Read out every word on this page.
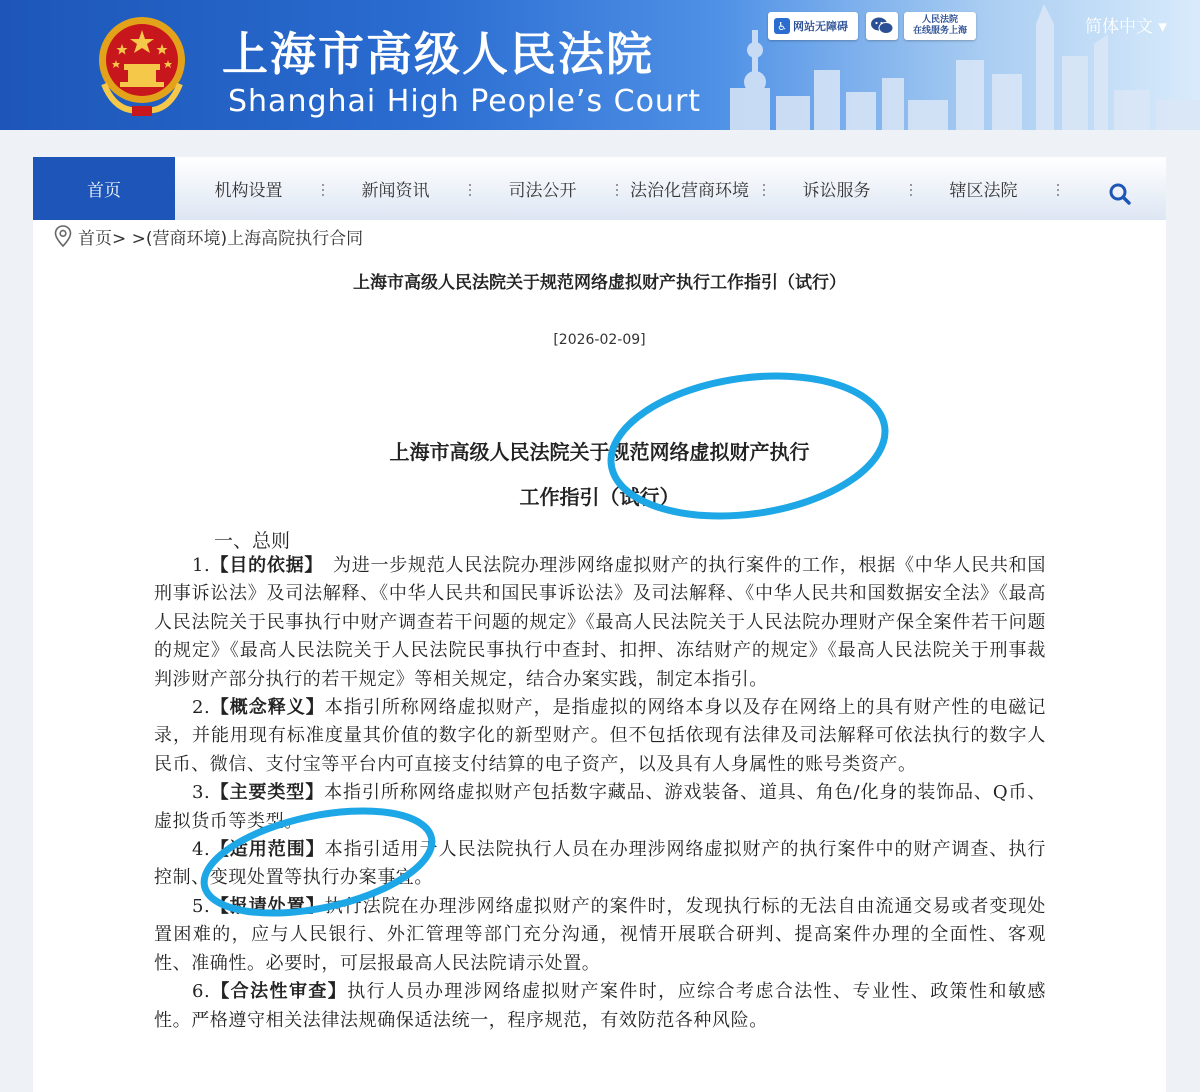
上海市高级人民法院
Shanghai High People’s Court
♿ 网站无障碍	人民法院
在线服务上海	简体中文 ▾
首页	机构设置	新闻资讯	司法公开	法治化营商环境	诉讼服务	辖区法院
首页> >(营商环境)上海高院执行合同
上海市高级人民法院关于规范网络虚拟财产执行工作指引（试行）
[2026-02-09]
上海市高级人民法院关于规范网络虚拟财产执行
工作指引（试行）
一、总则

1.【目的依据】　为进一步规范人民法院办理涉网络虚拟财产的执行案件的工作，根据《中华人民共和国刑事诉讼法》及司法解释、《中华人民共和国民事诉讼法》及司法解释、《中华人民共和国数据安全法》《最高人民法院关于民事执行中财产调查若干问题的规定》《最高人民法院关于人民法院办理财产保全案件若干问题的规定》《最高人民法院关于人民法院民事执行中查封、扣押、冻结财产的规定》《最高人民法院关于刑事裁判涉财产部分执行的若干规定》等相关规定，结合办案实践，制定本指引。

2.【概念释义】本指引所称网络虚拟财产，是指虚拟的网络本身以及存在网络上的具有财产性的电磁记录，并能用现有标准度量其价值的数字化的新型财产。但不包括依现有法律及司法解释可依法执行的数字人民币、微信、支付宝等平台内可直接支付结算的电子资产，以及具有人身属性的账号类资产。

3.【主要类型】本指引所称网络虚拟财产包括数字藏品、游戏装备、道具、角色/化身的装饰品、Q币、虚拟货币等类型。

4.【适用范围】本指引适用于人民法院执行人员在办理涉网络虚拟财产的执行案件中的财产调查、执行控制、变现处置等执行办案事宜。

5.【报请处置】执行法院在办理涉网络虚拟财产的案件时，发现执行标的无法自由流通交易或者变现处置困难的，应与人民银行、外汇管理等部门充分沟通，视情开展联合研判、提高案件办理的全面性、客观性、准确性。必要时，可层报最高人民法院请示处置。

6.【合法性审查】执行人员办理涉网络虚拟财产案件时，应综合考虑合法性、专业性、政策性和敏感性。严格遵守相关法律法规确保适法统一，程序规范，有效防范各种风险。
